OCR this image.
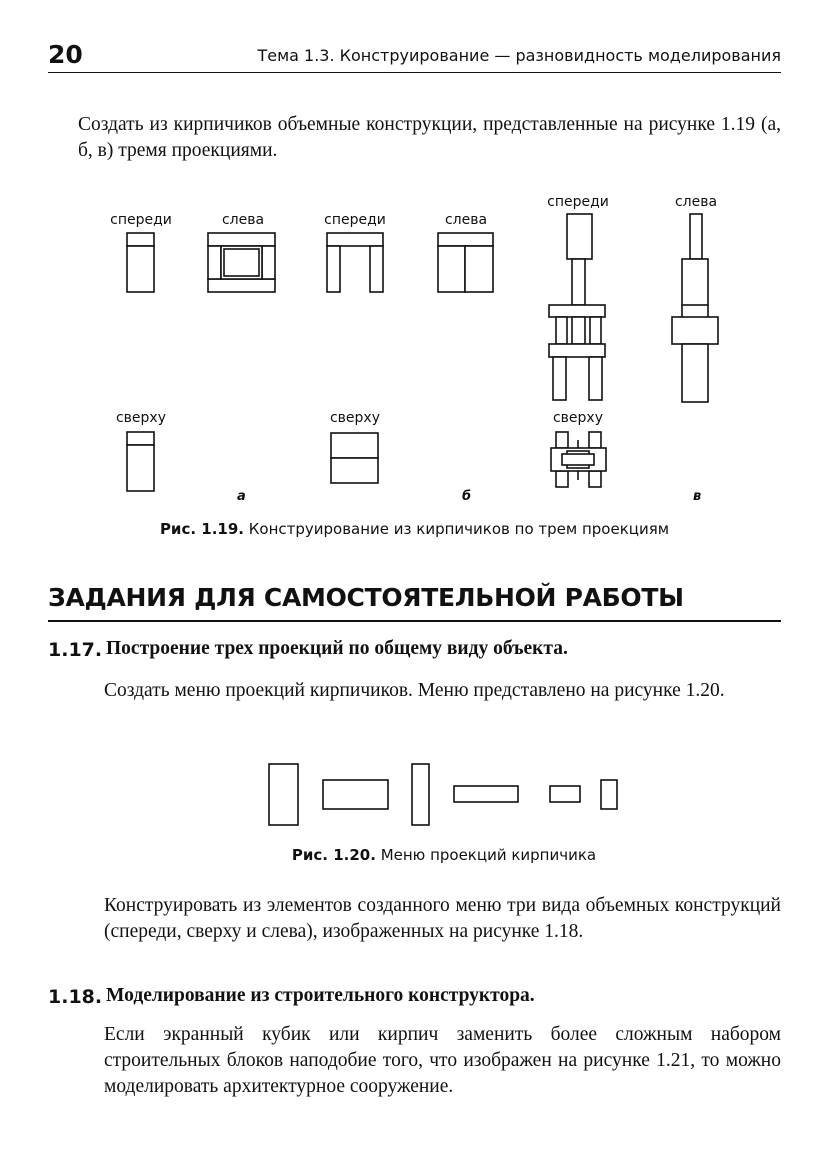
20	Тема 1.3. Конструирование — разновидность моделирования
Создать из кирпичиков объемные конструкции, представленные на рисунке 1.19 (а, б, в) тремя проекциями.
спереди	слева	спереди	слева
спереди	слева
сверху	сверху	сверху
а	б	в
Рис. 1.19. Конструирование из кирпичиков по трем проекциям
ЗАДАНИЯ ДЛЯ САМОСТОЯТЕЛЬНОЙ РАБОТЫ
1.17. Построение трех проекций по общему виду объекта.
Создать меню проекций кирпичиков. Меню представлено на рисунке 1.20.
Рис. 1.20. Меню проекций кирпичика
Конструировать из элементов созданного меню три вида объемных конструкций (спереди, сверху и слева), изображенных на рисунке 1.18.
1.18. Моделирование из строительного конструктора.
Если экранный кубик или кирпич заменить более сложным набором строительных блоков наподобие того, что изображен на рисунке 1.21, то можно моделировать архитектурное сооружение.
